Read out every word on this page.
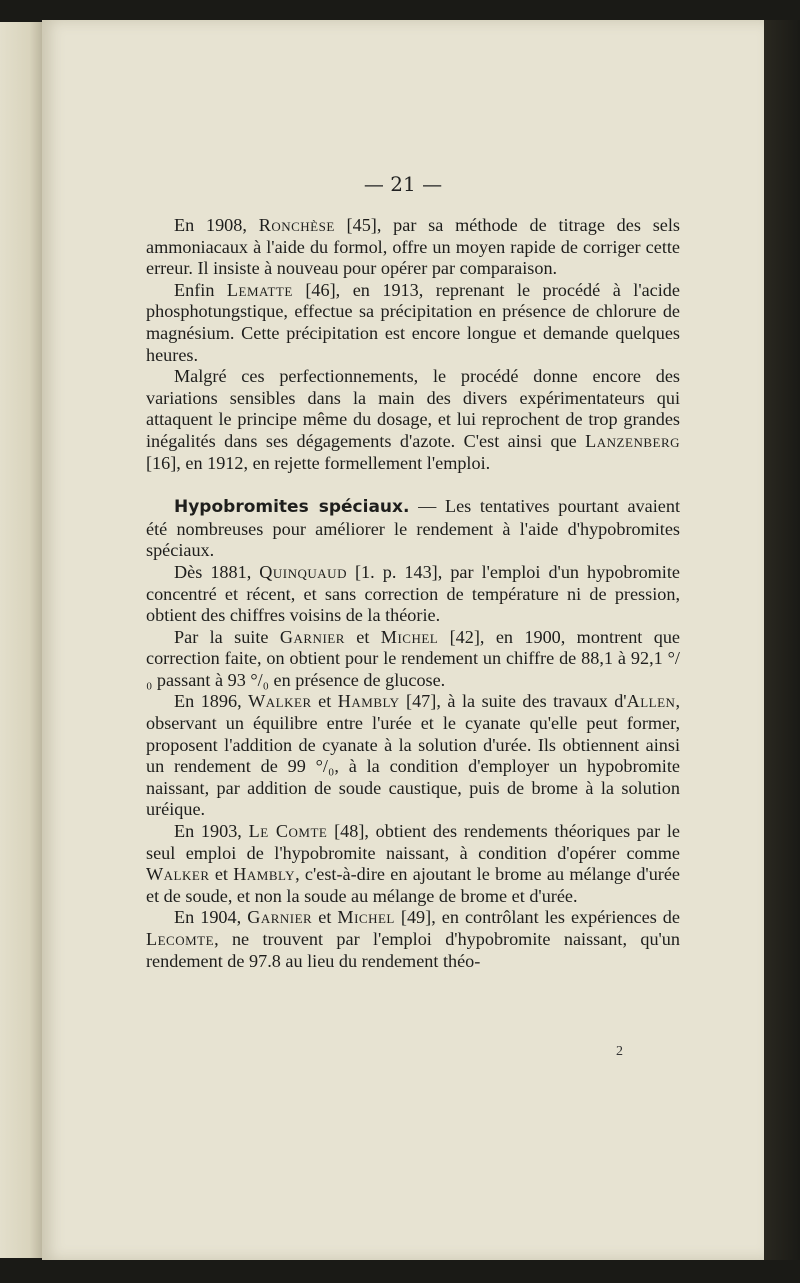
— 21 —

En 1908, Ronchèse [45], par sa méthode de titrage des sels ammoniacaux à l'aide du formol, offre un moyen rapide de corriger cette erreur. Il insiste à nouveau pour opérer par comparaison.

Enfin Lematte [46], en 1913, reprenant le procédé à l'acide phosphotungstique, effectue sa précipitation en présence de chlorure de magnésium. Cette précipitation est encore longue et demande quelques heures.

Malgré ces perfectionnements, le procédé donne encore des variations sensibles dans la main des divers expérimentateurs qui attaquent le principe même du dosage, et lui reprochent de trop grandes inégalités dans ses dégagements d'azote. C'est ainsi que Lanzenberg [16], en 1912, en rejette formellement l'emploi.

Hypobromites spéciaux. — Les tentatives pourtant avaient été nombreuses pour améliorer le rendement à l'aide d'hypobromites spéciaux.

Dès 1881, Quinquaud [1. p. 143], par l'emploi d'un hypobromite concentré et récent, et sans correction de température ni de pression, obtient des chiffres voisins de la théorie.

Par la suite Garnier et Michel [42], en 1900, montrent que correction faite, on obtient pour le rendement un chiffre de 88,1 à 92,1 °/₀ passant à 93 °/₀ en présence de glucose.

En 1896, Walker et Hambly [47], à la suite des travaux d'Allen, observant un équilibre entre l'urée et le cyanate qu'elle peut former, proposent l'addition de cyanate à la solution d'urée. Ils obtiennent ainsi un rendement de 99 °/₀, à la condition d'employer un hypobromite naissant, par addition de soude caustique, puis de brome à la solution uréique.

En 1903, Le Comte [48], obtient des rendements théoriques par le seul emploi de l'hypobromite naissant, à condition d'opérer comme Walker et Hambly, c'est-à-dire en ajoutant le brome au mélange d'urée et de soude, et non la soude au mélange de brome et d'urée.

En 1904, Garnier et Michel [49], en contrôlant les expériences de Lecomte, ne trouvent par l'emploi d'hypobromite naissant, qu'un rendement de 97.8 au lieu du rendement théo-

2
